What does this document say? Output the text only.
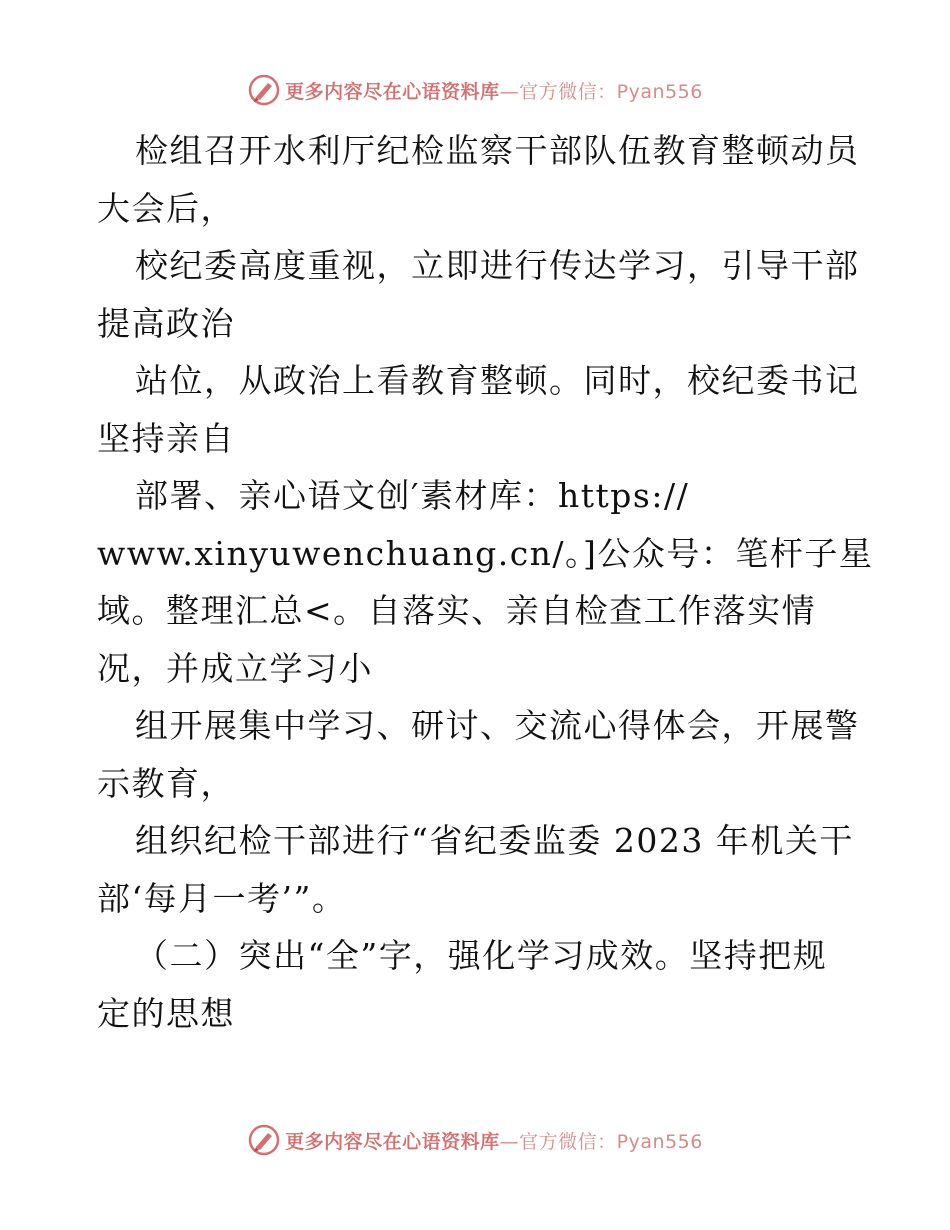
更多内容尽在心语资料库—官方微信：Pyan556
检组召开水利厅纪检监察干部队伍教育整顿动员
大会后，
校纪委高度重视，立即进行传达学习，引导干部
提高政治
站位，从政治上看教育整顿。同时，校纪委书记
坚持亲自
部署、亲心语文创′素材库：https://
www.xinyuwenchuang.cn/。]公众号：笔杆子星
域。整理汇总<。自落实、亲自检查工作落实情
况，并成立学习小
组开展集中学习、研讨、交流心得体会，开展警
示教育，
组织纪检干部进行“省纪委监委 2023 年机关干
部‘每月一考’”。
（二）突出“全”字，强化学习成效。坚持把规
定的思想
更多内容尽在心语资料库—官方微信：Pyan556
